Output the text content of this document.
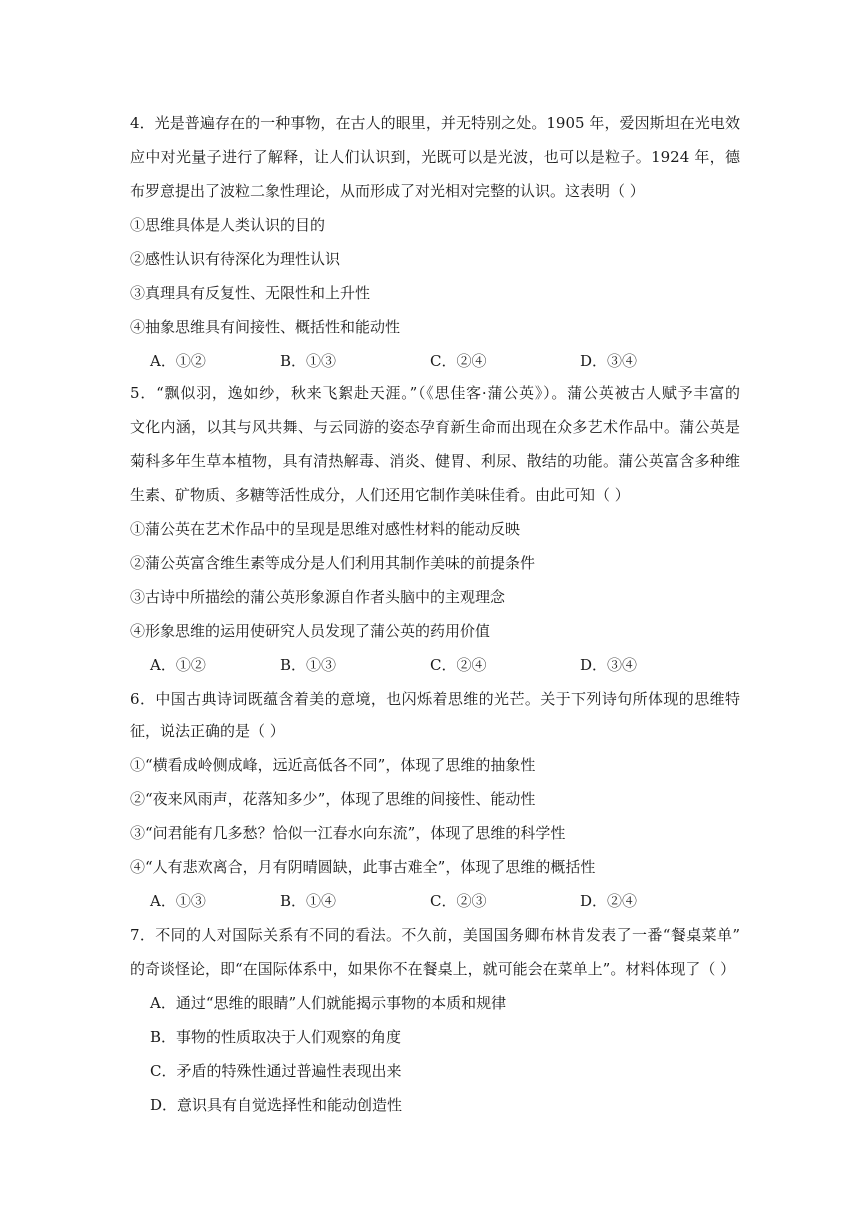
4．光是普遍存在的一种事物，在古人的眼里，并无特别之处。1905 年，爱因斯坦在光电效
应中对光量子进行了解释，让人们认识到，光既可以是光波，也可以是粒子。1924 年，德
布罗意提出了波粒二象性理论，从而形成了对光相对完整的认识。这表明（ ）
①思维具体是人类认识的目的
②感性认识有待深化为理性认识
③真理具有反复性、无限性和上升性
④抽象思维具有间接性、概括性和能动性
A．①②	B．①③	C．②④	D．③④
5．“飘似羽，逸如纱，秋来飞絮赴天涯。”（《思佳客·蒲公英》）。蒲公英被古人赋予丰富的
文化内涵，以其与风共舞、与云同游的姿态孕育新生命而出现在众多艺术作品中。蒲公英是
菊科多年生草本植物，具有清热解毒、消炎、健胃、利尿、散结的功能。蒲公英富含多种维
生素、矿物质、多糖等活性成分，人们还用它制作美味佳肴。由此可知（ ）
①蒲公英在艺术作品中的呈现是思维对感性材料的能动反映
②蒲公英富含维生素等成分是人们利用其制作美味的前提条件
③古诗中所描绘的蒲公英形象源自作者头脑中的主观理念
④形象思维的运用使研究人员发现了蒲公英的药用价值
A．①②	B．①③	C．②④	D．③④
6．中国古典诗词既蕴含着美的意境，也闪烁着思维的光芒。关于下列诗句所体现的思维特
征，说法正确的是（ ）
①“横看成岭侧成峰，远近高低各不同”，体现了思维的抽象性
②“夜来风雨声，花落知多少”，体现了思维的间接性、能动性
③“问君能有几多愁？恰似一江春水向东流”，体现了思维的科学性
④“人有悲欢离合，月有阴晴圆缺，此事古难全”，体现了思维的概括性
A．①③	B．①④	C．②③	D．②④
7．不同的人对国际关系有不同的看法。不久前，美国国务卿布林肯发表了一番“餐桌菜单”
的奇谈怪论，即“在国际体系中，如果你不在餐桌上，就可能会在菜单上”。材料体现了（ ）
A．通过“思维的眼睛”人们就能揭示事物的本质和规律
B．事物的性质取决于人们观察的角度
C．矛盾的特殊性通过普遍性表现出来
D．意识具有自觉选择性和能动创造性
